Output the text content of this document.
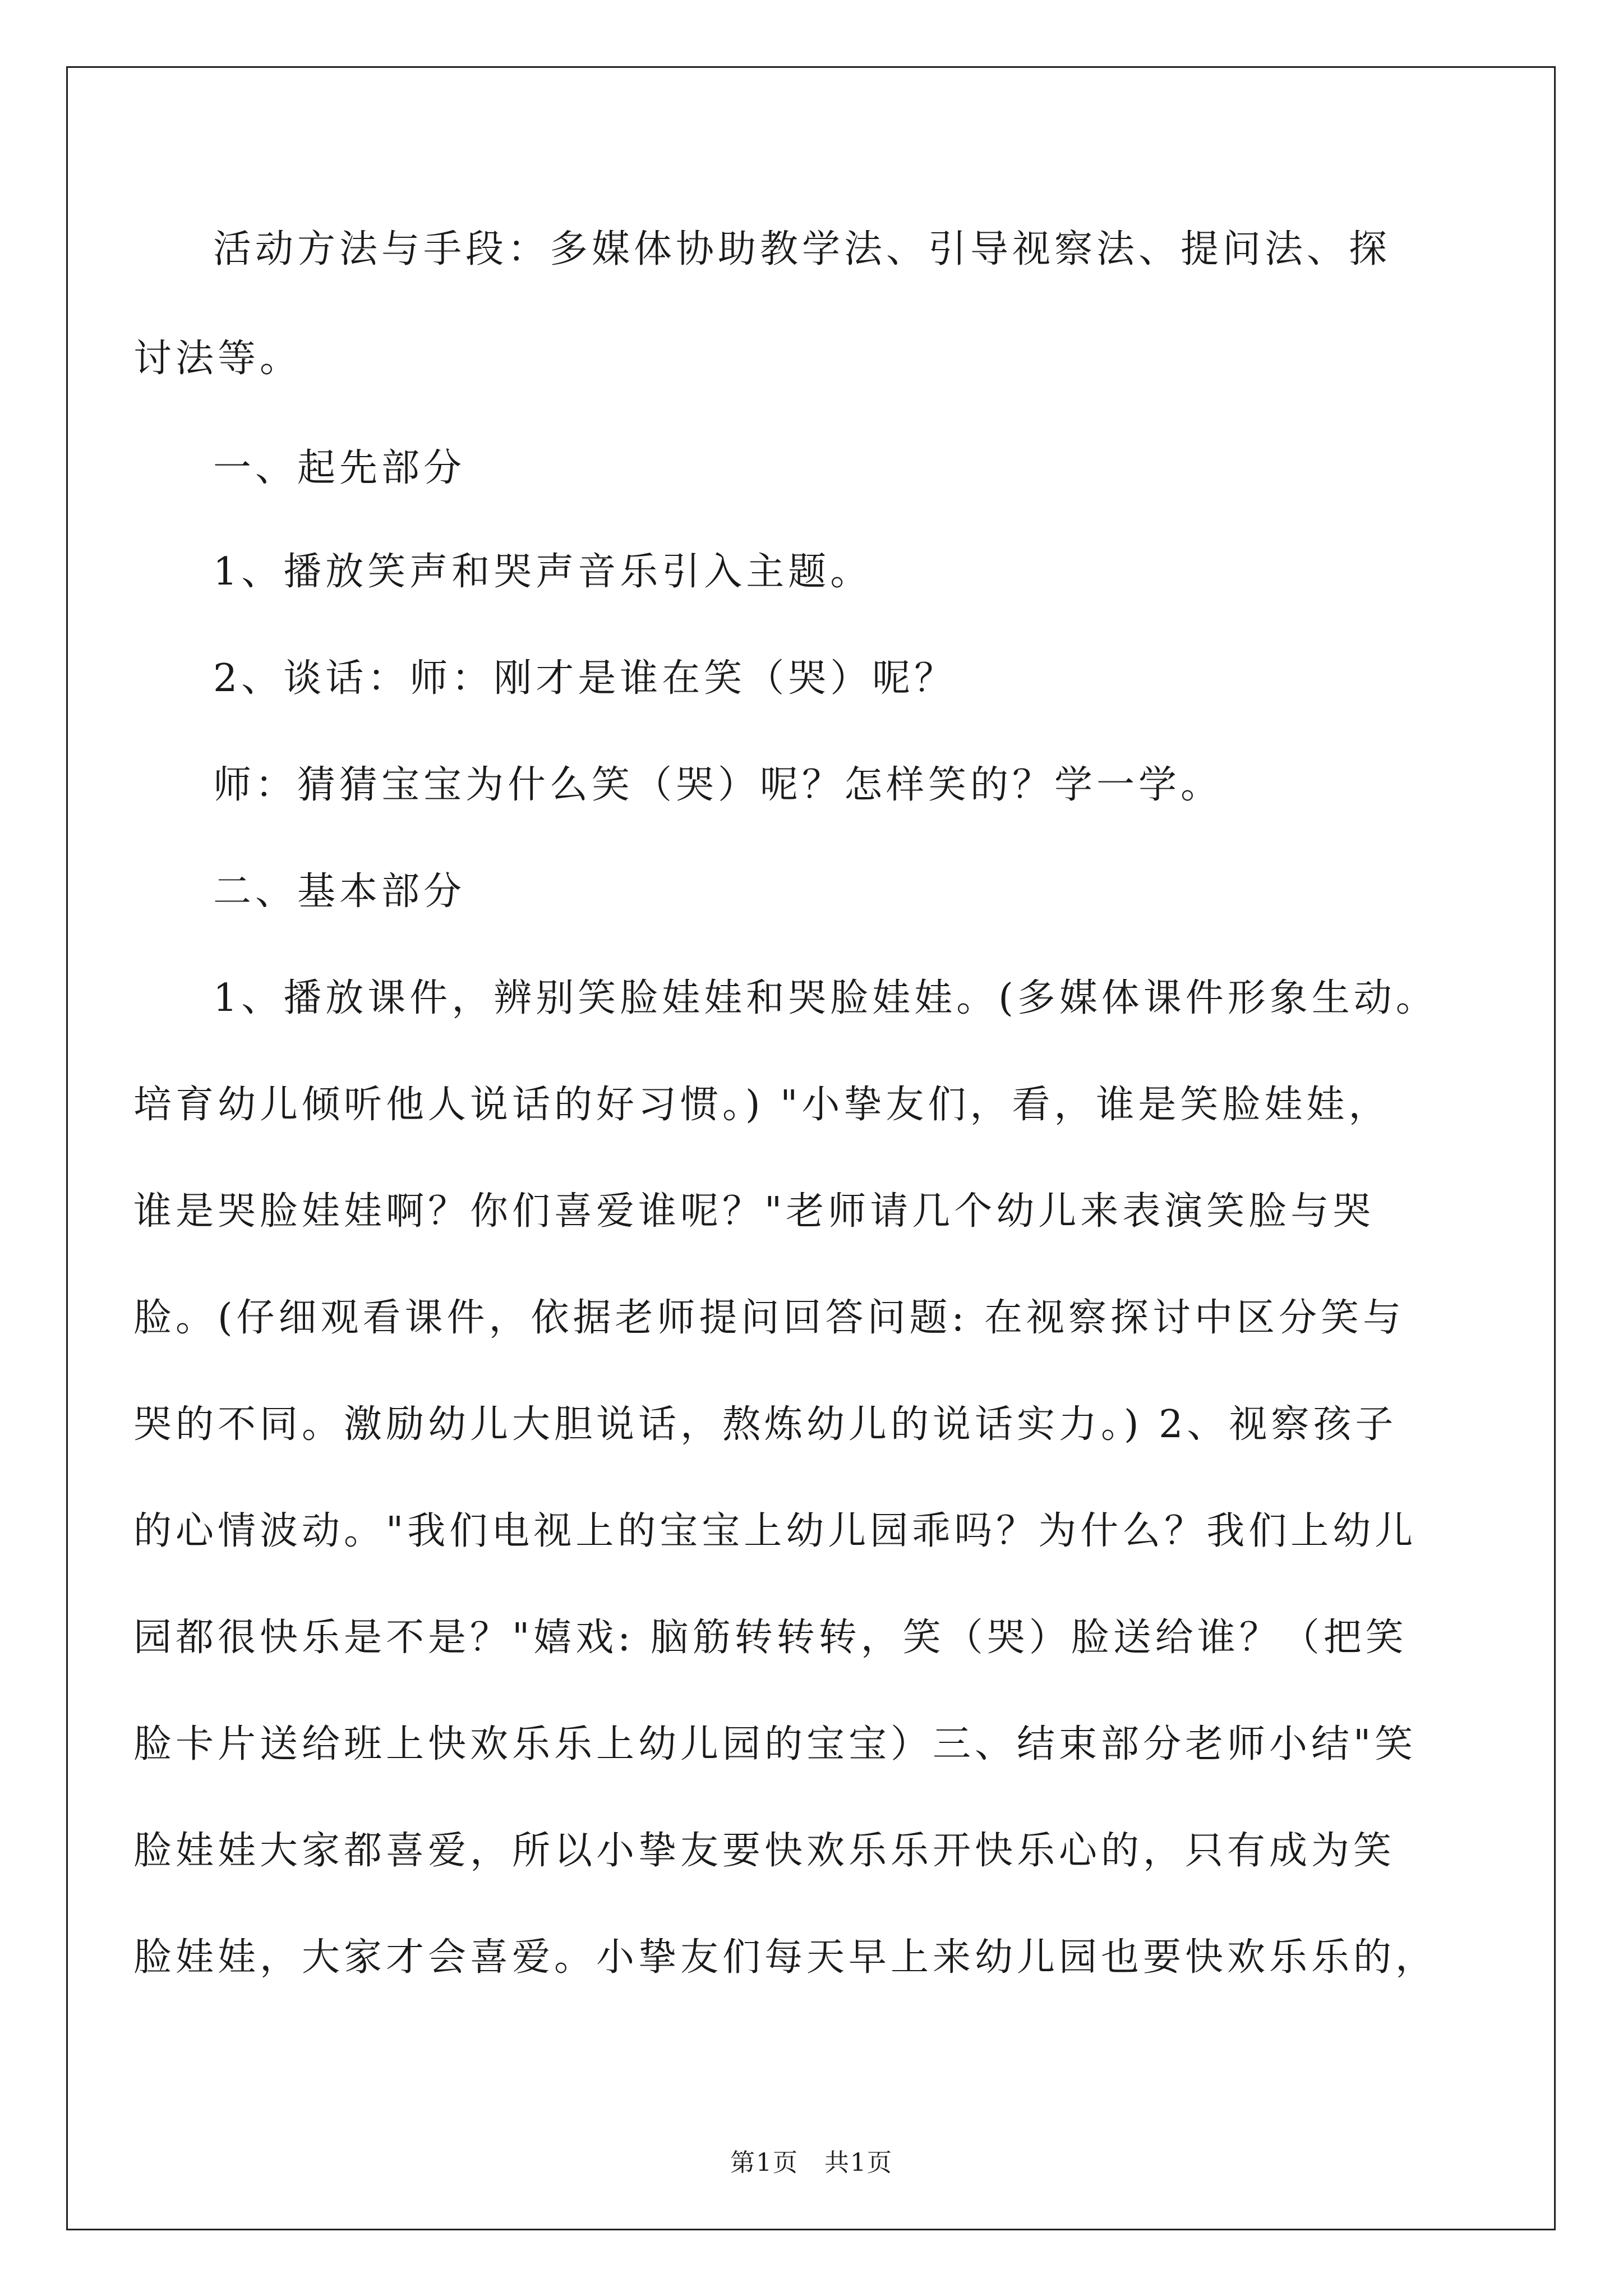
活动方法与手段：多媒体协助教学法、引导视察法、提问法、探
讨法等。
一、起先部分
1、播放笑声和哭声音乐引入主题。
2、谈话：师：刚才是谁在笑（哭）呢？
师：猜猜宝宝为什么笑（哭）呢？怎样笑的？学一学。
二、基本部分
1、播放课件，辨别笑脸娃娃和哭脸娃娃。(多媒体课件形象生动。
培育幼儿倾听他人说话的好习惯。) "小挚友们，看，谁是笑脸娃娃，
谁是哭脸娃娃啊？你们喜爱谁呢？"老师请几个幼儿来表演笑脸与哭
脸。(仔细观看课件，依据老师提问回答问题: 在视察探讨中区分笑与
哭的不同。激励幼儿大胆说话，熬炼幼儿的说话实力。) 2、视察孩子
的心情波动。"我们电视上的宝宝上幼儿园乖吗？为什么？我们上幼儿
园都很快乐是不是？"嬉戏: 脑筋转转转，笑（哭）脸送给谁？（把笑
脸卡片送给班上快欢乐乐上幼儿园的宝宝）三、结束部分老师小结"笑
脸娃娃大家都喜爱，所以小挚友要快欢乐乐开快乐心的，只有成为笑
脸娃娃，大家才会喜爱。小挚友们每天早上来幼儿园也要快欢乐乐的，
第1页　共1页
